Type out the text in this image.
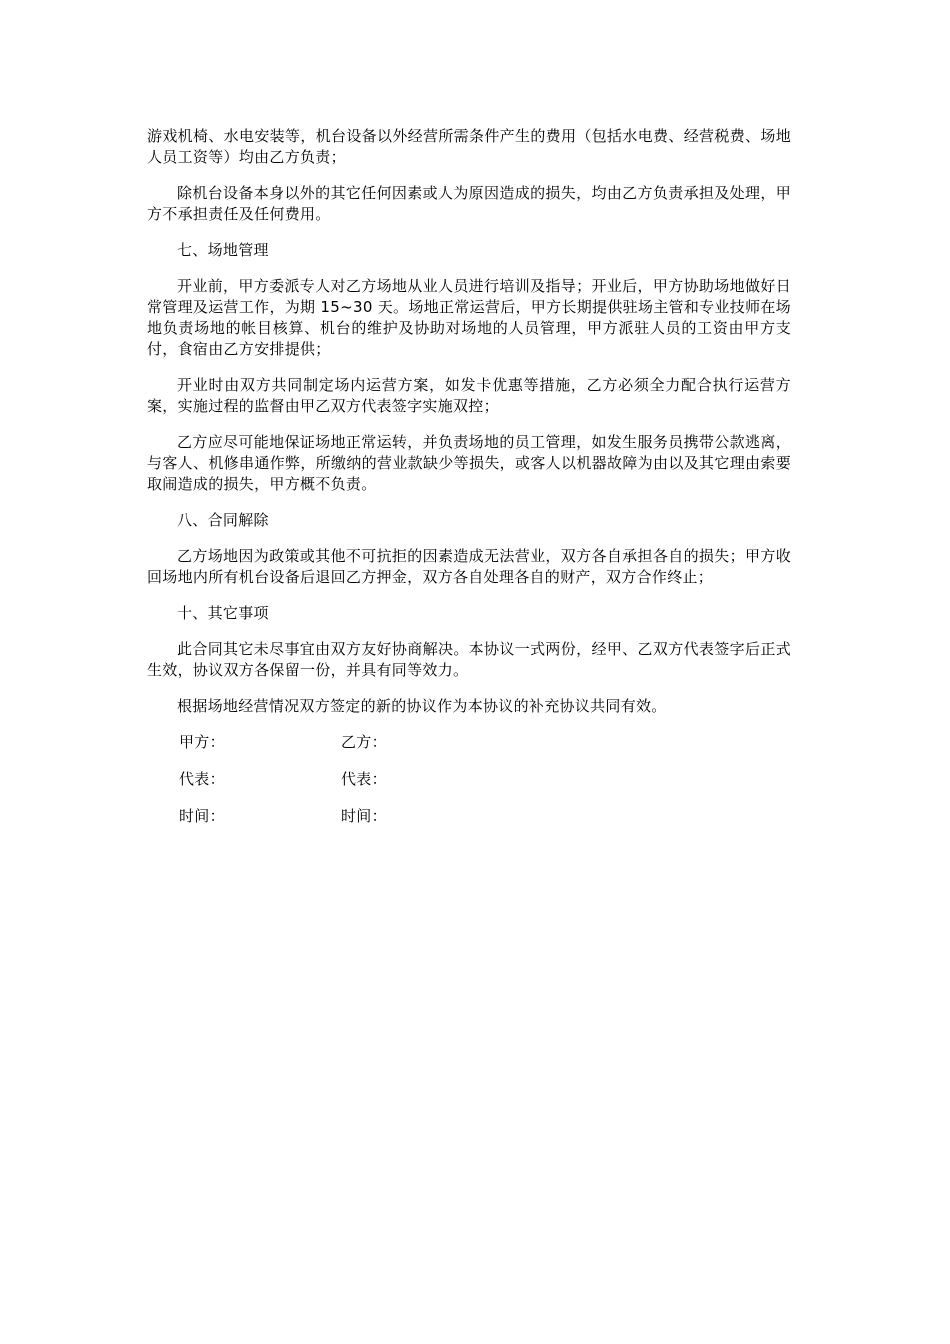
游戏机椅、水电安装等，机台设备以外经营所需条件产生的费用（包括水电费、经营税费、场地人员工资等）均由乙方负责；

除机台设备本身以外的其它任何因素或人为原因造成的损失，均由乙方负责承担及处理，甲方不承担责任及任何费用。

七、场地管理

开业前，甲方委派专人对乙方场地从业人员进行培训及指导；开业后，甲方协助场地做好日常管理及运营工作，为期 15~30 天。场地正常运营后，甲方长期提供驻场主管和专业技师在场地负责场地的帐目核算、机台的维护及协助对场地的人员管理，甲方派驻人员的工资由甲方支付，食宿由乙方安排提供；

开业时由双方共同制定场内运营方案，如发卡优惠等措施，乙方必须全力配合执行运营方案，实施过程的监督由甲乙双方代表签字实施双控；

乙方应尽可能地保证场地正常运转，并负责场地的员工管理，如发生服务员携带公款逃离，与客人、机修串通作弊，所缴纳的营业款缺少等损失，或客人以机器故障为由以及其它理由索要取闹造成的损失，甲方概不负责。

八、合同解除

乙方场地因为政策或其他不可抗拒的因素造成无法营业，双方各自承担各自的损失；甲方收回场地内所有机台设备后退回乙方押金，双方各自处理各自的财产，双方合作终止；

十、其它事项

此合同其它未尽事宜由双方友好协商解决。本协议一式两份，经甲、乙双方代表签字后正式生效，协议双方各保留一份，并具有同等效力。

根据场地经营情况双方签定的新的协议作为本协议的补充协议共同有效。

甲方：	乙方：
代表：	代表：
时间：	时间：
